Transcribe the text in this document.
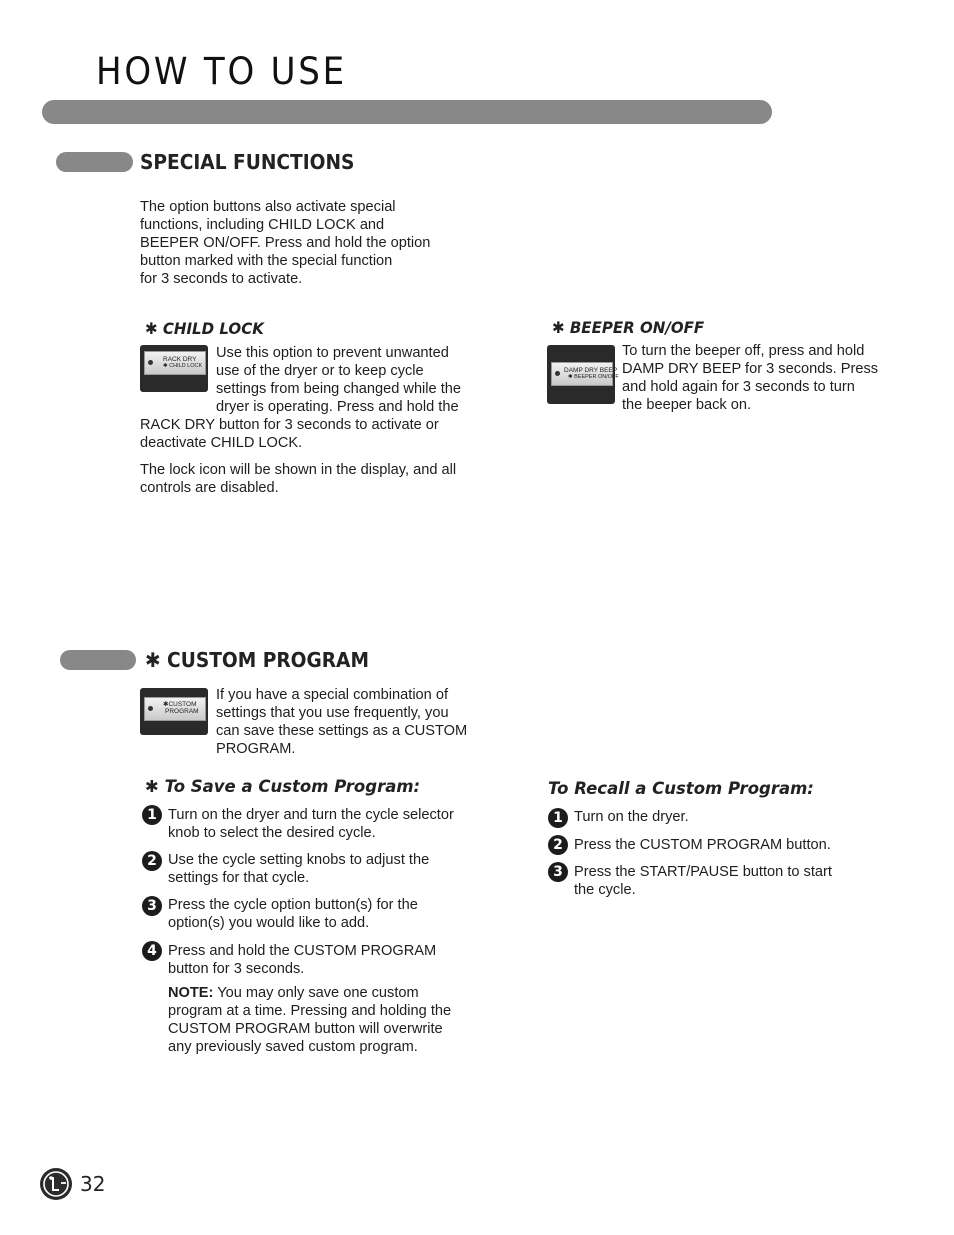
HOW TO USE
SPECIAL FUNCTIONS

The option buttons also activate special

functions, including CHILD LOCK and

BEEPER ON/OFF. Press and hold the option

button marked with the special function

for 3 seconds to activate.

✱ CHILD LOCK
RACK DRY
✱ CHILD LOCK

Use this option to prevent unwanted

use of the dryer or to keep cycle

settings from being changed while the

dryer is operating. Press and hold the

RACK DRY button for 3 seconds to activate or

deactivate CHILD LOCK.

The lock icon will be shown in the display, and all

controls are disabled.

✱ BEEPER ON/OFF
DAMP DRY BEEP
✱ BEEPER ON/OFF

To turn the beeper off, press and hold

DAMP DRY BEEP for 3 seconds. Press

and hold again for 3 seconds to turn

the beeper back on.

✱ CUSTOM PROGRAM
✱CUSTOM
PROGRAM

If you have a special combination of

settings that you use frequently, you

can save these settings as a CUSTOM

PROGRAM.

✱ To Save a Custom Program:
1 Turn on the dryer and turn the cycle selector

knob to select the desired cycle.

2 Use the cycle setting knobs to adjust the

settings for that cycle.

3 Press the cycle option button(s) for the

option(s) you would like to add.

4 Press and hold the CUSTOM PROGRAM

button for 3 seconds.

NOTE: You may only save one custom

program at a time. Pressing and holding the

CUSTOM PROGRAM button will overwrite

any previously saved custom program.

To Recall a Custom Program:
1 Turn on the dryer.

2 Press the CUSTOM PROGRAM button.

3 Press the START/PAUSE button to start

the cycle.

32
